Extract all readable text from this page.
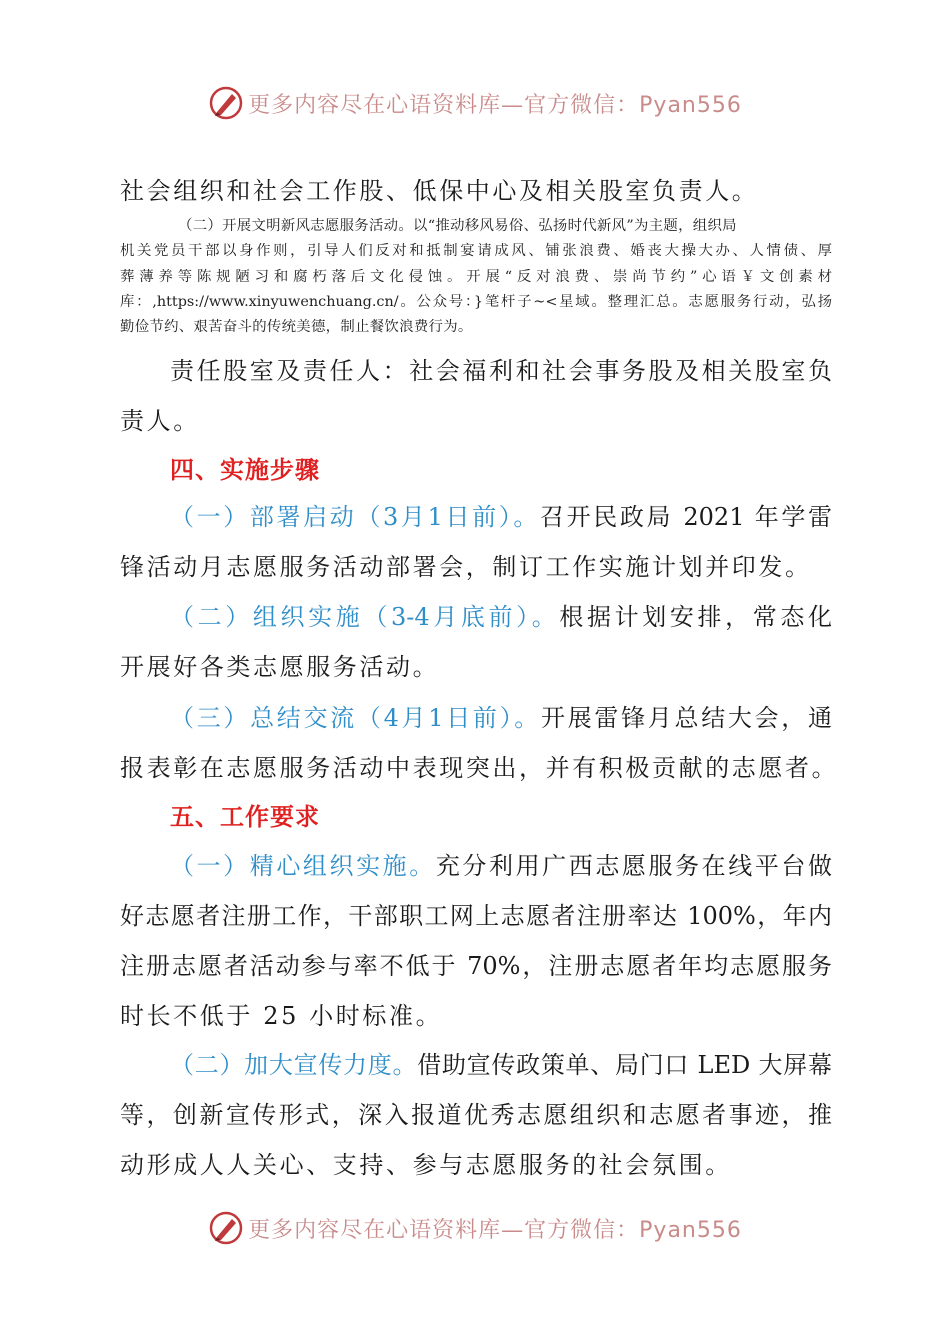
更多内容尽在心语资料库—官方微信：Pyan556
社会组织和社会工作股、低保中心及相关股室负责人。
（二）开展文明新风志愿服务活动。以“推动移风易俗、弘扬时代新风”为主题，组织局
机关党员干部以身作则，引导人们反对和抵制宴请成风、铺张浪费、婚丧大操大办、人情债、厚
葬薄养等陈规陋习和腐朽落后文化侵蚀。开展“反对浪费、崇尚节约”心语￥文创素材
库：,https://www.xinyuwenchuang.cn/。公众号：}笔杆子~<星域。整理汇总。志愿服务行动，弘扬
勤俭节约、艰苦奋斗的传统美德，制止餐饮浪费行为。
责任股室及责任人：社会福利和社会事务股及相关股室负
责人。
四、实施步骤
（一）部署启动（3月1日前）。召开民政局 2021 年学雷
锋活动月志愿服务活动部署会，制订工作实施计划并印发。
（二）组织实施（3-4月底前）。根据计划安排，常态化
开展好各类志愿服务活动。
（三）总结交流（4月1日前）。开展雷锋月总结大会，通
报表彰在志愿服务活动中表现突出，并有积极贡献的志愿者。
五、工作要求
（一）精心组织实施。充分利用广西志愿服务在线平台做
好志愿者注册工作，干部职工网上志愿者注册率达 100%，年内
注册志愿者活动参与率不低于 70%，注册志愿者年均志愿服务
时长不低于 25 小时标准。
（二）加大宣传力度。借助宣传政策单、局门口 LED 大屏幕
等，创新宣传形式，深入报道优秀志愿组织和志愿者事迹，推
动形成人人关心、支持、参与志愿服务的社会氛围。
更多内容尽在心语资料库—官方微信：Pyan556
